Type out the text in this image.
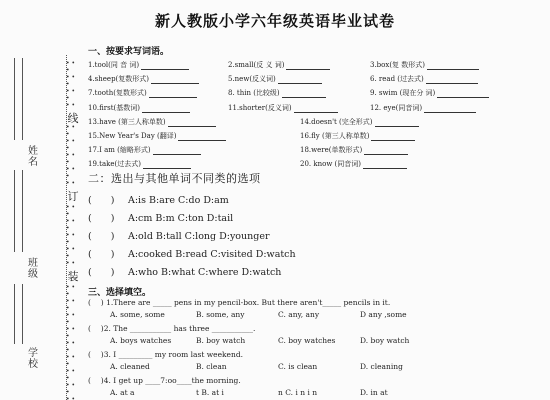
姓名
班级
学校
线
订
装
新人教版小学六年级英语毕业试卷
一、按要求写词语。
1.tool(同 音 词)	2.small(反 义 词)	3.box(复 数形式)
4.sheep(复数形式)	5.new(反义词)	6. read (过去式)
7.tooth(复数形式)	8. thin (比较级)	9. swim (现在分 词)
10.first(基数词)	11.shorter(反义词)	12. eye(同音词)
13.have (第三人称单数)	14.doesn't (完全形式)
15.New Year's Day (翻译)	16.fly (第三人称单数)
17.I am (缩略形式)	18.were(单数形式)
19.take(过去式)	20. know (同音词)
二：选出与其他单词不同类的选项
(　　) A:is B:are C:do D:am
(　　) A:cm B:m C:ton D:tail
(　　) A:old B:tall C:long D:younger
(　　) A:cooked B:read C:visited D:watch
(　　) A:who B:what C:where D:watch
三、选择填空。
(　 ) 1.There are _____ pens in my pencil-box. But there aren't_____ pencils in it.
A. some, some	B. some, any	C. any, any	D any ,some
(　 )2. The ___________ has three ___________.
A. boys watches	B. boy watch	C. boy watches	D. boy watch
(　 )3. I _________ my room last weekend.
A. cleaned	B. clean	C. is clean	D. cleaning
(　 )4. I get up ____7:oo____the morning.
A. at a	t B. at i	n C. i n i n	D. in at
• • •
• • •
• • •
• •

• • •
• • •
• • •
• • •
• •

• • •
• • •
• • •
• • •
• •

• • •
• • •
• • •
• • •
• • •
• • •
• • •
• • •
• •
